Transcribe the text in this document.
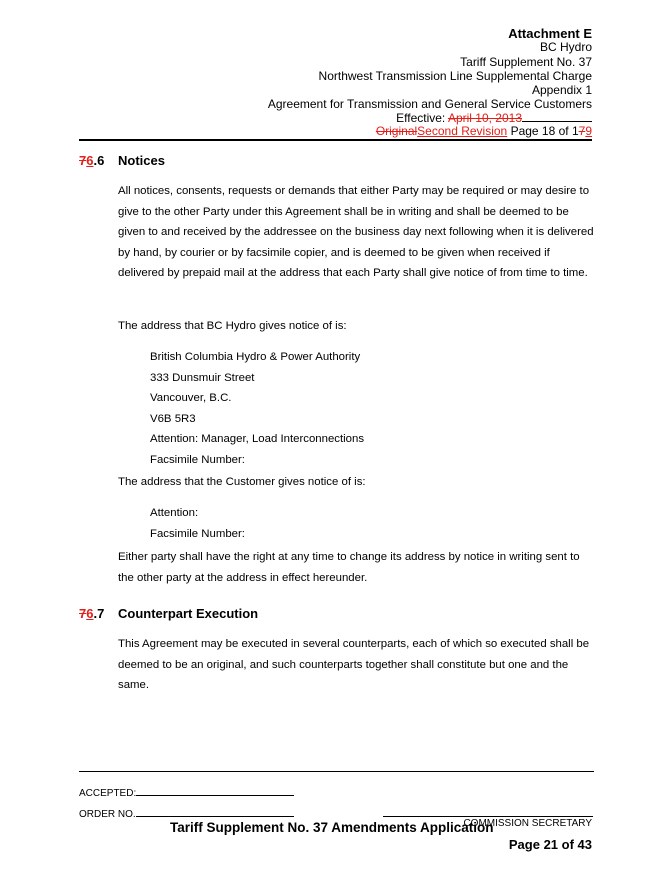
Attachment E
BC Hydro
Tariff Supplement No. 37
Northwest Transmission Line Supplemental Charge
Appendix 1
Agreement for Transmission and General Service Customers
Effective: April 10, 2013
OriginalSecond Revision Page 18 of 179
76.6 Notices
All notices, consents, requests or demands that either Party may be required or may desire to give to the other Party under this Agreement shall be in writing and shall be deemed to be given to and received by the addressee on the business day next following when it is delivered by hand, by courier or by facsimile copier, and is deemed to be given when received if delivered by prepaid mail at the address that each Party shall give notice of from time to time.
The address that BC Hydro gives notice of is:
British Columbia Hydro & Power Authority
333 Dunsmuir Street
Vancouver, B.C.
V6B 5R3
Attention: Manager, Load Interconnections
Facsimile Number:
The address that the Customer gives notice of is:
Attention:
Facsimile Number:
Either party shall have the right at any time to change its address by notice in writing sent to the other party at the address in effect hereunder.
76.7 Counterpart Execution
This Agreement may be executed in several counterparts, each of which so executed shall be deemed to be an original, and such counterparts together shall constitute but one and the same.
ACCEPTED:
ORDER NO.
COMMISSION SECRETARY
Tariff Supplement No. 37 Amendments Application
Page 21 of 43
